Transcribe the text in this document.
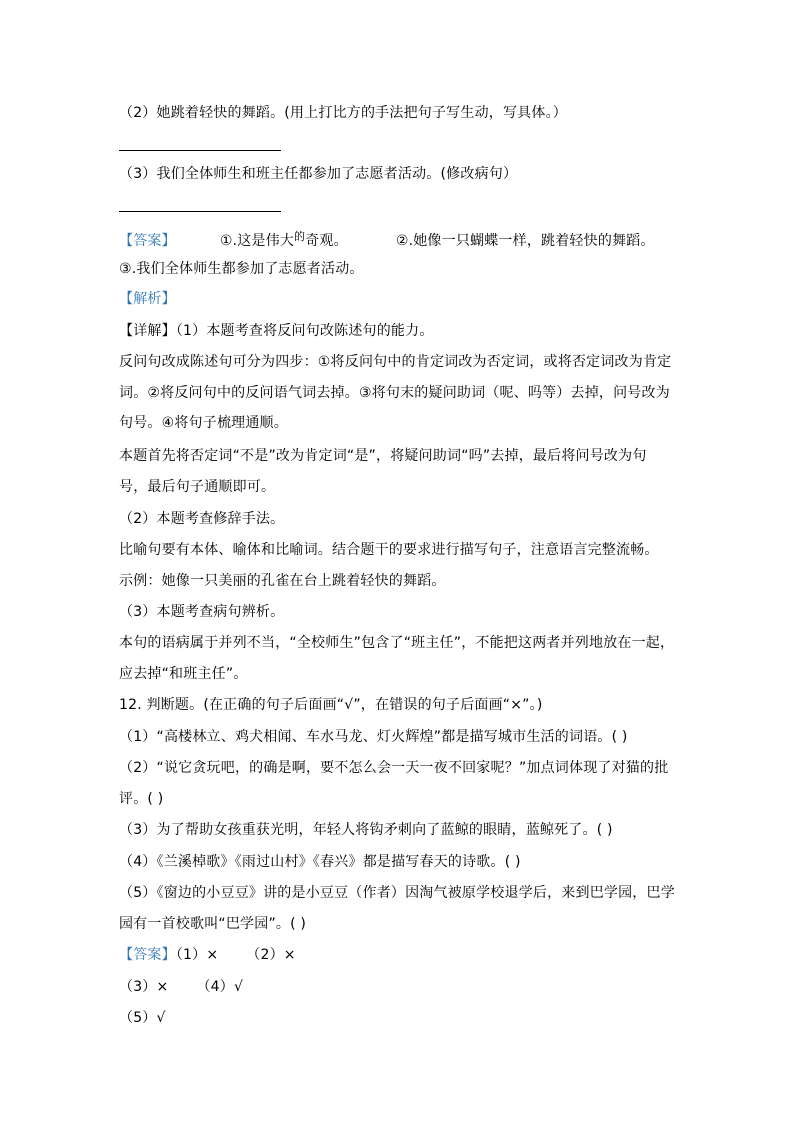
（2）她跳着轻快的舞蹈。(用上打比方的手法把句子写生动，写具体。）
（3）我们全体师生和班主任都参加了志愿者活动。(修改病句）
【答案】	①.这是伟大$^的$奇观。	②.她像一只蝴蝶一样，跳着轻快的舞蹈。
③.我们全体师生都参加了志愿者活动。
【解析】
【详解】（1）本题考查将反问句改陈述句的能力。
反问句改成陈述句可分为四步：①将反问句中的肯定词改为否定词，或将否定词改为肯定
词。②将反问句中的反问语气词去掉。③将句末的疑问助词（呢、吗等）去掉，问号改为
句号。④将句子梳理通顺。
本题首先将否定词“不是”改为肯定词“是”，将疑问助词“吗”去掉，最后将问号改为句
号，最后句子通顺即可。
（2）本题考查修辞手法。
比喻句要有本体、喻体和比喻词。结合题干的要求进行描写句子，注意语言完整流畅。
示例：她像一只美丽的孔雀在台上跳着轻快的舞蹈。
（3）本题考查病句辨析。
本句的语病属于并列不当，“全校师生”包含了“班主任”，不能把这两者并列地放在一起，
应去掉“和班主任”。
12. 判断题。(在正确的句子后面画“√”，在错误的句子后面画“×”。)
（1）“高楼林立、鸡犬相闻、车水马龙、灯火辉煌”都是描写城市生活的词语。( )
（2）“说它贪玩吧，的确是啊，要不怎么会一天一夜不回家呢？”加点词体现了对猫的批
评。( )
（3）为了帮助女孩重获光明，年轻人将钩矛刺向了蓝鲸的眼睛，蓝鲸死了。( )
（4）《兰溪棹歌》《雨过山村》《春兴》都是描写春天的诗歌。( )
（5）《窗边的小豆豆》讲的是小豆豆（作者）因淘气被原学校退学后，来到巴学园，巴学
园有一首校歌叫“巴学园”。( )
【答案】（1）× （2）×
（3）× （4）√
（5）√
